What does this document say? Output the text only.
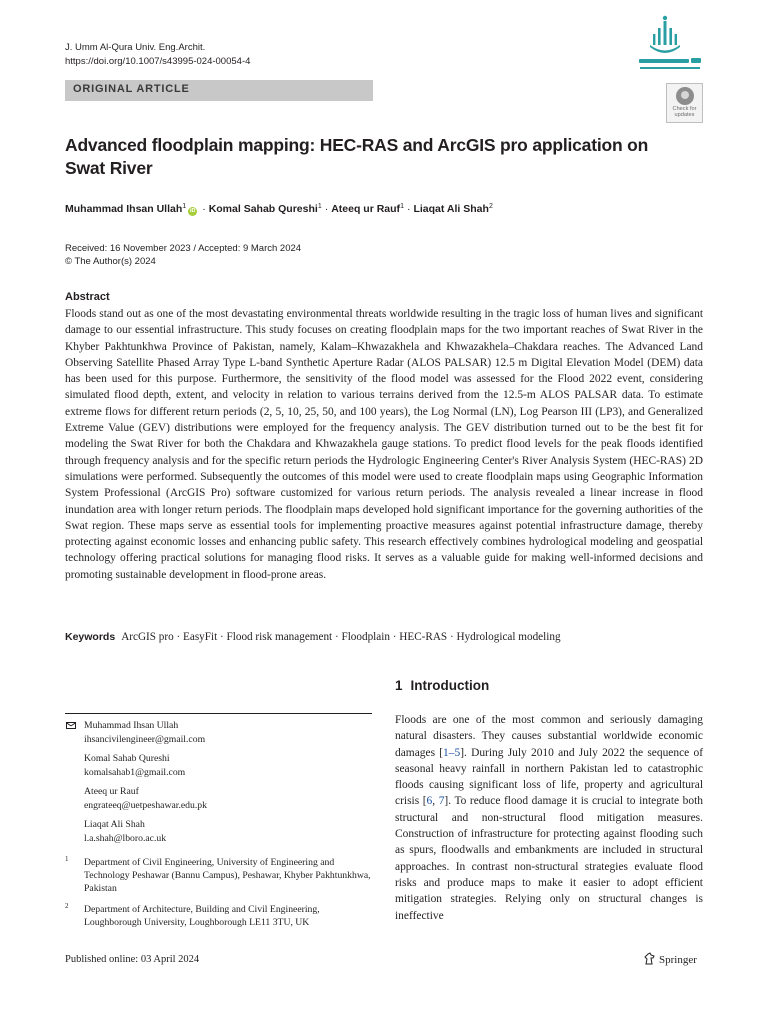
J. Umm Al-Qura Univ. Eng.Archit.
https://doi.org/10.1007/s43995-024-00054-4
Check for
updates
ORIGINAL ARTICLE
Advanced floodplain mapping: HEC-RAS and ArcGIS pro application on Swat River
Muhammad Ihsan Ullah$^1$iD · Komal Sahab Qureshi$^1$ · Ateeq ur Rauf$^1$ · Liaqat Ali Shah$^2$
Received: 16 November 2023 / Accepted: 9 March 2024
© The Author(s) 2024
Abstract

Floods stand out as one of the most devastating environmental threats worldwide resulting in the tragic loss of human lives and significant damage to our essential infrastructure. This study focuses on creating floodplain maps for the two important reaches of Swat River in the Khyber Pakhtunkhwa Province of Pakistan, namely, Kalam–Khwazakhela and Khwazakhela–Chakdara reaches. The Advanced Land Observing Satellite Phased Array Type L-band Synthetic Aperture Radar (ALOS PALSAR) 12.5 m Digital Elevation Model (DEM) data has been used for this purpose. Furthermore, the sensitivity of the flood model was assessed for the Flood 2022 event, considering simulated flood depth, extent, and velocity in relation to various terrains derived from the 12.5-m ALOS PALSAR data. To estimate extreme flows for different return periods (2, 5, 10, 25, 50, and 100 years), the Log Normal (LN), Log Pearson III (LP3), and Generalized Extreme Value (GEV) distributions were employed for the frequency analysis. The GEV distribution turned out to be the best fit for modeling the Swat River for both the Chakdara and Khwazakhela gauge stations. To predict flood levels for the peak floods identified through frequency analysis and for the specific return periods the Hydrologic Engineering Center's River Analysis System (HEC-RAS) 2D simulations were performed. Subsequently the outcomes of this model were used to create floodplain maps using Geographic Information System Professional (ArcGIS Pro) software customized for various return periods. The analysis revealed a linear increase in flood inundation area with longer return periods. The floodplain maps developed hold significant importance for the governing authorities of the Swat region. These maps serve as essential tools for implementing proactive measures against potential infrastructure damage, thereby protecting against economic losses and enhancing public safety. This research effectively combines hydrological modeling and geospatial technology offering practical solutions for managing flood risks. It serves as a valuable guide for making well-informed decisions and promoting sustainable development in flood-prone areas.

Keywords ArcGIS pro · EasyFit · Flood risk management · Floodplain · HEC-RAS · Hydrological modeling
1 Introduction

Floods are one of the most common and seriously damaging natural disasters. They causes substantial worldwide economic damages [1–5]. During July 2010 and July 2022 the sequence of seasonal heavy rainfall in northern Pakistan led to catastrophic floods causing significant loss of life, property and agricultural crisis [6, 7]. To reduce flood damage it is crucial to integrate both structural and non-structural flood mitigation measures. Construction of infrastructure for protecting against flooding such as spurs, floodwalls and embankments are included in structural approaches. In contrast non-structural strategies evaluate flood risks and produce maps to make it easier to adopt efficient mitigation strategies. Relying only on structural changes is ineffective

Muhammad Ihsan Ullah
ihsancivilengineer@gmail.com
Komal Sahab Qureshi
komalsahab1@gmail.com
Ateeq ur Rauf
engrateeq@uetpeshawar.edu.pk
Liaqat Ali Shah
l.a.shah@lboro.ac.uk
1 Department of Civil Engineering, University of Engineering and Technology Peshawar (Bannu Campus), Peshawar, Khyber Pakhtunkhwa, Pakistan
2 Department of Architecture, Building and Civil Engineering, Loughborough University, Loughborough LE11 3TU, UK
Published online: 03 April 2024	Springer
